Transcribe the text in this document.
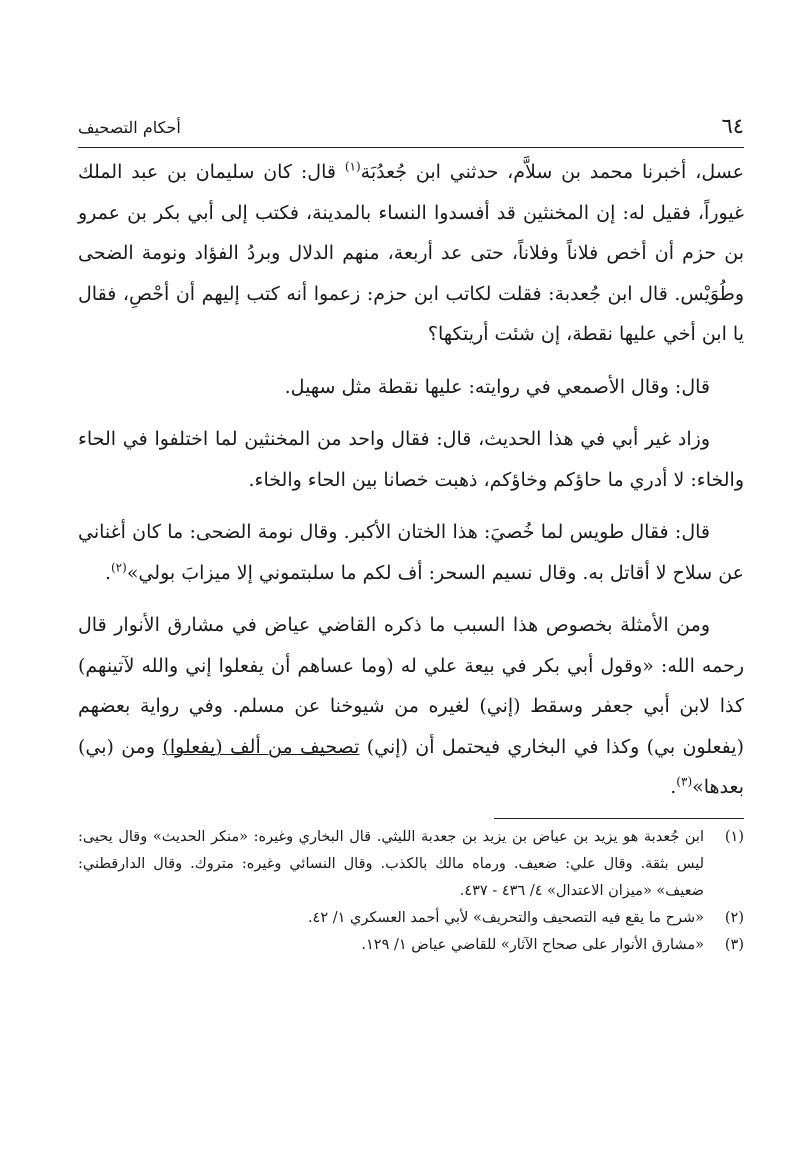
٦٤
أحكام التصحيف

عسل، أخبرنا محمد بن سلاَّم، حدثني ابن جُعدُبَة$^{(١)}$ قال: كان سليمان بن عبد الملك غيوراً، فقيل له: إن المخنثين قد أفسدوا النساء بالمدينة، فكتب إلى أبي بكر بن عمرو بن حزم أن أخص فلاناً وفلاناً، حتى عد أربعة، منهم الدلال وبردُ الفؤاد ونومة الضحى وطُوَيْس. قال ابن جُعدبة: فقلت لكاتب ابن حزم: زعموا أنه كتب إليهم أن أحْصِ، فقال يا ابن أخي عليها نقطة، إن شئت أريتكها؟

قال: وقال الأصمعي في روايته: عليها نقطة مثل سهيل.

وزاد غير أبي في هذا الحديث، قال: فقال واحد من المخنثين لما اختلفوا في الحاء والخاء: لا أدري ما حاؤكم وخاؤكم، ذهبت خصانا بين الحاء والخاء.

قال: فقال طويس لما خُصيَ: هذا الختان الأكبر. وقال نومة الضحى: ما كان أغناني عن سلاح لا أقاتل به. وقال نسيم السحر: أف لكم ما سلبتموني إلا ميزابَ بولي»$^{(٢)}$.

ومن الأمثلة بخصوص هذا السبب ما ذكره القاضي عياض في مشارق الأنوار قال رحمه الله: «وقول أبي بكر في بيعة علي له (وما عساهم أن يفعلوا إني والله لآتينهم) كذا لابن أبي جعفر وسقط (إني) لغيره من شيوخنا عن مسلم. وفي رواية بعضهم (يفعلون بي) وكذا في البخاري فيحتمل أن (إني) تصحيف من ألف (يفعلوا) ومن (بي) بعدها»$^{(٣)}$.

(١)
ابن جُعدبة هو يزيد بن عياض بن يزيد بن جعدبة الليثي. قال البخاري وغيره: «منكر الحديث» وقال يحيى: ليس بثقة. وقال علي: ضعيف. ورماه مالك بالكذب. وقال النسائي وغيره: متروك. وقال الدارقطني: ضعيف» «ميزان الاعتدال» ٤/ ٤٣٦ - ٤٣٧.
(٢)
«شرح ما يقع فيه التصحيف والتحريف» لأبي أحمد العسكري ١/ ٤٢.
(٣)
«مشارق الأنوار على صحاح الآثار» للقاضي عياض ١/ ١٢٩.
